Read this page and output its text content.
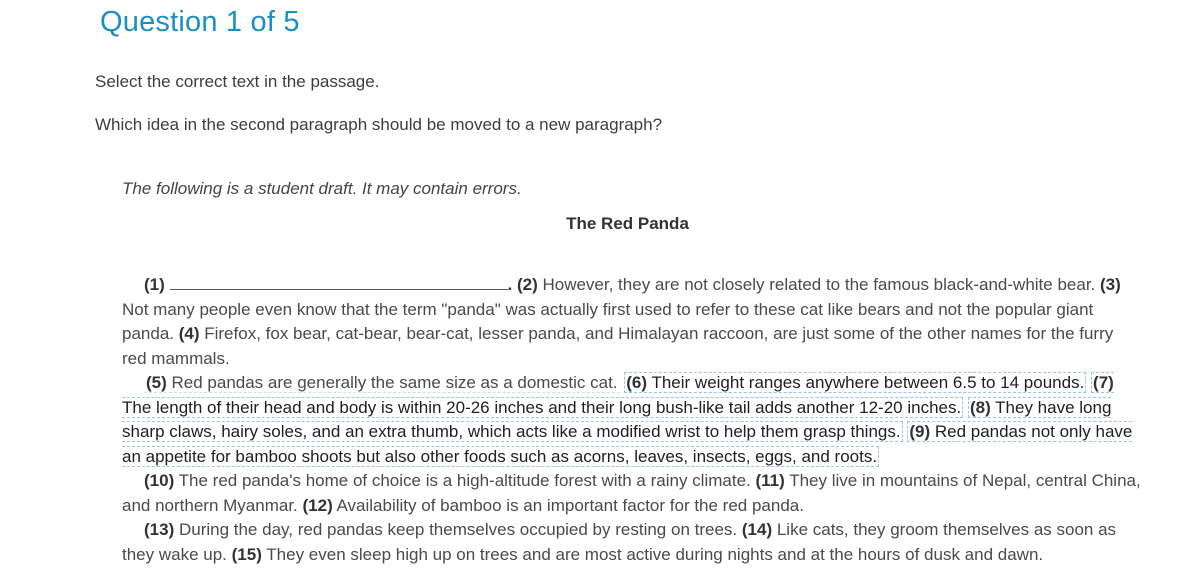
Question 1 of 5
Select the correct text in the passage.
Which idea in the second paragraph should be moved to a new paragraph?
The following is a student draft. It may contain errors.
The Red Panda

(1)	. (2) However, they are not closely related to the famous black-and-white bear. (3) Not many people even know that the term "panda" was actually first used to refer to these cat like bears and not the popular giant panda. (4) Firefox, fox bear, cat-bear, bear-cat, lesser panda, and Himalayan raccoon, are just some of the other names for the furry red mammals.

(5) Red pandas are generally the same size as a domestic cat. (6) Their weight ranges anywhere between 6.5 to 14 pounds. (7) The length of their head and body is within 20-26 inches and their long bush-like tail adds another 12-20 inches. (8) They have long sharp claws, hairy soles, and an extra thumb, which acts like a modified wrist to help them grasp things. (9) Red pandas not only have an appetite for bamboo shoots but also other foods such as acorns, leaves, insects, eggs, and roots.

(10) The red panda's home of choice is a high-altitude forest with a rainy climate. (11) They live in mountains of Nepal, central China, and northern Myanmar. (12) Availability of bamboo is an important factor for the red panda.

(13) During the day, red pandas keep themselves occupied by resting on trees. (14) Like cats, they groom themselves as soon as they wake up. (15) They even sleep high up on trees and are most active during nights and at the hours of dusk and dawn.
